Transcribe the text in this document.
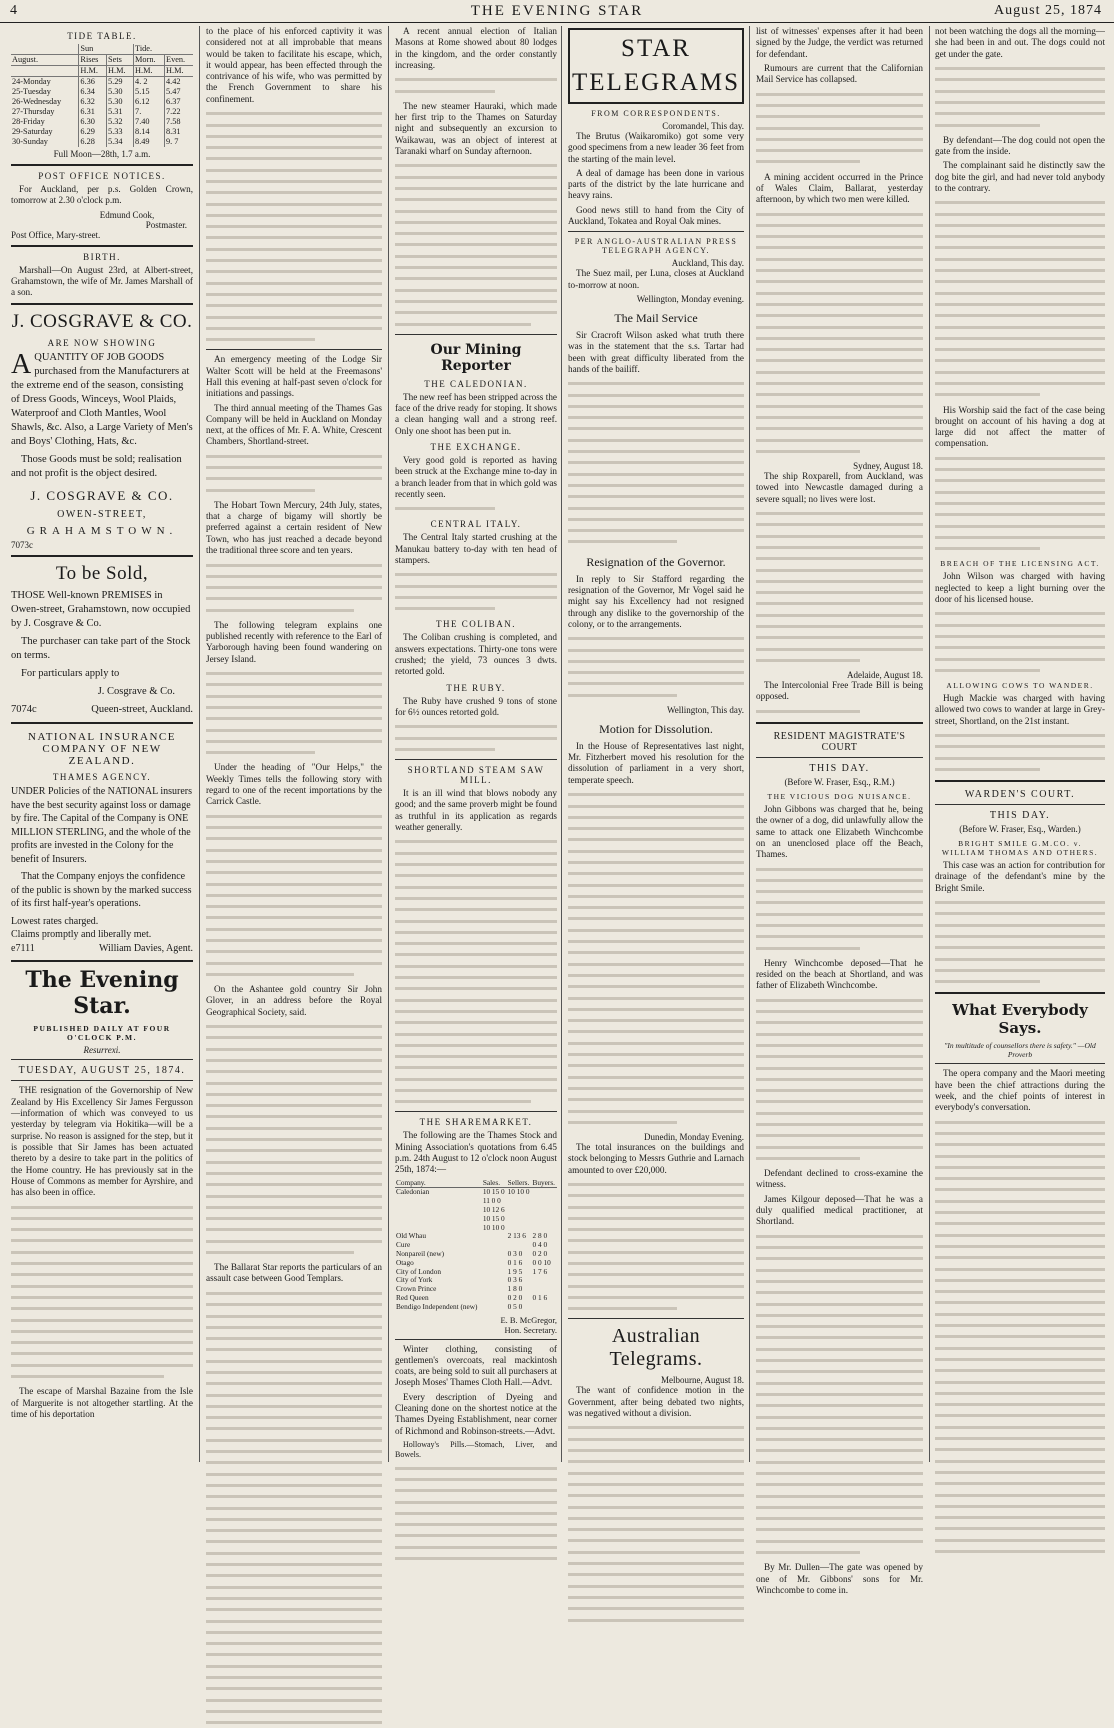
4	THE EVENING STAR	August 25, 1874
TIDE TABLE.
	Sun		Tide.	
August.	Rises	Sets	Morn.	Even.
	H.M.	H.M.	H.M.	H.M.
24-Monday	6.36	5.29	4. 2	4.42
25-Tuesday	6.34	5.30	5.15	5.47
26-Wednesday	6.32	5.30	6.12	6.37
27-Thursday	6.31	5.31	7.	7.22
28-Friday	6.30	5.32	7.40	7.58
29-Saturday	6.29	5.33	8.14	8.31
30-Sunday	6.28	5.34	8.49	9. 7
Full Moon—28th, 1.7 a.m.
POST OFFICE NOTICES.

For Auckland, per p.s. Golden Crown, tomorrow at 2.30 o'clock p.m.

Edmund Cook,
Postmaster.
Post Office, Mary-street.
BIRTH.

Marshall—On August 23rd, at Albert-street, Grahamstown, the wife of Mr. James Marshall of a son.

J. COSGRAVE & CO.
ARE NOW SHOWING

AQUANTITY OF JOB GOODS purchased from the Manufacturers at the extreme end of the season, consisting of Dress Goods, Winceys, Wool Plaids, Waterproof and Cloth Mantles, Wool Shawls, &c. Also, a Large Variety of Men's and Boys' Clothing, Hats, &c.

Those Goods must be sold; realisation and not profit is the object desired.

J. COSGRAVE & CO.
OWEN-STREET,
GRAHAMSTOWN.
7073c
To be Sold,

THOSE Well-known PREMISES in Owen-street, Grahamstown, now occupied by J. Cosgrave & Co.

The purchaser can take part of the Stock on terms.

For particulars apply to

J. Cosgrave & Co.

7074c	Queen-street, Auckland.

NATIONAL INSURANCE COMPANY OF NEW ZEALAND.
THAMES AGENCY.

UNDER Policies of the NATIONAL insurers have the best security against loss or damage by fire. The Capital of the Company is ONE MILLION STERLING, and the whole of the profits are invested in the Colony for the benefit of Insurers.

That the Company enjoys the confidence of the public is shown by the marked success of its first half-year's operations.

Lowest rates charged.

Claims promptly and liberally met.

e7111	William Davies, Agent.

The Evening Star.
PUBLISHED DAILY AT FOUR O'CLOCK P.M.
Resurrexi.
TUESDAY, AUGUST 25, 1874.

THE resignation of the Governorship of New Zealand by His Excellency Sir James Fergusson—information of which was conveyed to us yesterday by telegram via Hokitika—will be a surprise. No reason is assigned for the step, but it is possible that Sir James has been actuated thereto by a desire to take part in the politics of the Home country. He has previously sat in the House of Commons as member for Ayrshire, and has also been in office.

The escape of Marshal Bazaine from the Isle of Marguerite is not altogether startling. At the time of his deportation

to the place of his enforced captivity it was considered not at all improbable that means would be taken to facilitate his escape, which, it would appear, has been effected through the contrivance of his wife, who was permitted by the French Government to share his confinement.

An emergency meeting of the Lodge Sir Walter Scott will be held at the Freemasons' Hall this evening at half-past seven o'clock for initiations and passings.

The third annual meeting of the Thames Gas Company will be held in Auckland on Monday next, at the offices of Mr. F. A. White, Crescent Chambers, Shortland-street.

The Hobart Town Mercury, 24th July, states, that a charge of bigamy will shortly be preferred against a certain resident of New Town, who has just reached a decade beyond the traditional three score and ten years.

The following telegram explains one published recently with reference to the Earl of Yarborough having been found wandering on Jersey Island.

Under the heading of "Our Helps," the Weekly Times tells the following story with regard to one of the recent importations by the Carrick Castle.

On the Ashantee gold country Sir John Glover, in an address before the Royal Geographical Society, said.

The Ballarat Star reports the particulars of an assault case between Good Templars.

A recent annual election of Italian Masons at Rome showed about 80 lodges in the kingdom, and the order constantly increasing.

The new steamer Hauraki, which made her first trip to the Thames on Saturday night and subsequently an excursion to Waikawau, was an object of interest at Taranaki wharf on Sunday afternoon.

Our Mining Reporter
THE CALEDONIAN.

The new reef has been stripped across the face of the drive ready for stoping. It shows a clean hanging wall and a strong reef. Only one shoot has been put in.

THE EXCHANGE.

Very good gold is reported as having been struck at the Exchange mine to-day in a branch leader from that in which gold was recently seen.

CENTRAL ITALY.

The Central Italy started crushing at the Manukau battery to-day with ten head of stampers.

THE COLIBAN.

The Coliban crushing is completed, and answers expectations. Thirty-one tons were crushed; the yield, 73 ounces 3 dwts. retorted gold.

THE RUBY.

The Ruby have crushed 9 tons of stone for 6½ ounces retorted gold.

SHORTLAND STEAM SAW MILL.

It is an ill wind that blows nobody any good; and the same proverb might be found as truthful in its application as regards weather generally.

THE SHAREMARKET.

The following are the Thames Stock and Mining Association's quotations from 6.45 p.m. 24th August to 12 o'clock noon August 25th, 1874:—

Company.	Sales.	Sellers.	Buyers.
Caledonian	10 15 0	10 10 0	
	11 0 0		
	10 12 6		
	10 15 0		
	10 10 0		
Old Whau		2 13 6	2 8 0
Cure			0 4 0
Nonpareil (new)		0 3 0	0 2 0
Otago		0 1 6	0 0 10
City of London		1 9 5	1 7 6
City of York		0 3 6	
Crown Prince		1 8 0	
Red Queen		0 2 0	0 1 6
Bendigo Independent (new)		0 5 0	
E. B. McGregor,
Hon. Secretary.

Winter clothing, consisting of gentlemen's overcoats, real mackintosh coats, are being sold to suit all purchasers at Joseph Moses' Thames Cloth Hall.—Advt.

Every description of Dyeing and Cleaning done on the shortest notice at the Thames Dyeing Establishment, near corner of Richmond and Robinson-streets.—Advt.

Holloway's Pills.—Stomach, Liver, and Bowels.

STAR TELEGRAMS
FROM CORRESPONDENTS.
Coromandel, This day.

The Brutus (Waikaromiko) got some very good specimens from a new leader 36 feet from the starting of the main level.

A deal of damage has been done in various parts of the district by the late hurricane and heavy rains.

Good news still to hand from the City of Auckland, Tokatea and Royal Oak mines.

PER ANGLO-AUSTRALIAN PRESS TELEGRAPH AGENCY.
Auckland, This day.

The Suez mail, per Luna, closes at Auckland to-morrow at noon.

Wellington, Monday evening.
The Mail Service

Sir Cracroft Wilson asked what truth there was in the statement that the s.s. Tartar had been with great difficulty liberated from the hands of the bailiff.

Resignation of the Governor.

In reply to Sir Stafford regarding the resignation of the Governor, Mr Vogel said he might say his Excellency had not resigned through any dislike to the governorship of the colony, or to the arrangements.

Wellington, This day.
Motion for Dissolution.

In the House of Representatives last night, Mr. Fitzherbert moved his resolution for the dissolution of parliament in a very short, temperate speech.

Dunedin, Monday Evening.

The total insurances on the buildings and stock belonging to Messrs Guthrie and Larnach amounted to over £20,000.

Australian Telegrams.
Melbourne, August 18.

The want of confidence motion in the Government, after being debated two nights, was negatived without a division.

list of witnesses' expenses after it had been signed by the Judge, the verdict was returned for defendant.

Rumours are current that the Californian Mail Service has collapsed.

A mining accident occurred in the Prince of Wales Claim, Ballarat, yesterday afternoon, by which two men were killed.

Sydney, August 18.

The ship Roxparell, from Auckland, was towed into Newcastle damaged during a severe squall; no lives were lost.

Adelaide, August 18.

The Intercolonial Free Trade Bill is being opposed.

RESIDENT MAGISTRATE'S COURT
THIS DAY.
(Before W. Fraser, Esq., R.M.)
THE VICIOUS DOG NUISANCE.

John Gibbons was charged that he, being the owner of a dog, did unlawfully allow the same to attack one Elizabeth Winchcombe on an unenclosed place off the Beach, Thames.

Henry Winchcombe deposed—That he resided on the beach at Shortland, and was father of Elizabeth Winchcombe.

Defendant declined to cross-examine the witness.

James Kilgour deposed—That he was a duly qualified medical practitioner, at Shortland.

By Mr. Dullen—The gate was opened by one of Mr. Gibbons' sons for Mr. Winchcombe to come in.

not been watching the dogs all the morning—she had been in and out. The dogs could not get under the gate.

By defendant—The dog could not open the gate from the inside.

The complainant said he distinctly saw the dog bite the girl, and had never told anybody to the contrary.

His Worship said the fact of the case being brought on account of his having a dog at large did not affect the matter of compensation.

BREACH OF THE LICENSING ACT.

John Wilson was charged with having neglected to keep a light burning over the door of his licensed house.

ALLOWING COWS TO WANDER.

Hugh Mackie was charged with having allowed two cows to wander at large in Grey-street, Shortland, on the 21st instant.

WARDEN'S COURT.
THIS DAY.
(Before W. Fraser, Esq., Warden.)
BRIGHT SMILE G.M.CO. v. WILLIAM THOMAS AND OTHERS.

This case was an action for contribution for drainage of the defendant's mine by the Bright Smile.

What Everybody Says.
"In multitude of counsellors there is safety." —Old Proverb

The opera company and the Maori meeting have been the chief attractions during the week, and the chief points of interest in everybody's conversation.
